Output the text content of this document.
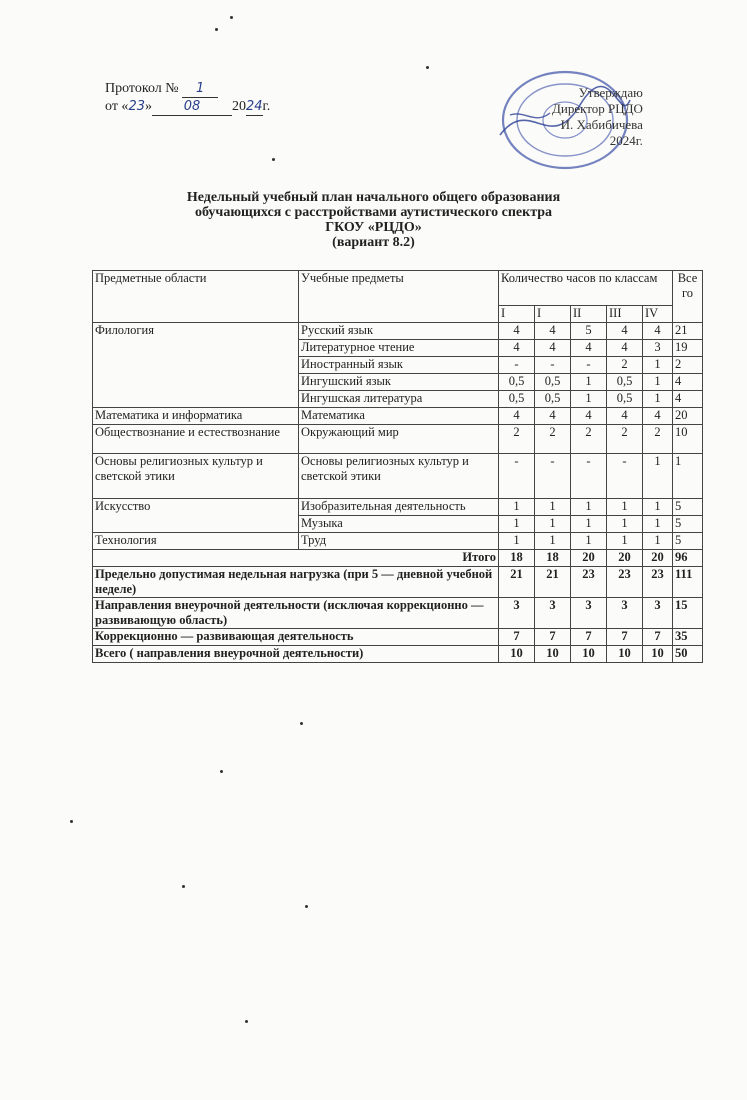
Протокол № 1
от «23» 08 2024г.
Утверждаю
Директор РЦДО
И. Хабибичева
2024г.
Недельный учебный план начального общего образования
обучающихся с расстройствами аутистического спектра
ГКОУ «РЦДО»
(вариант 8.2)
Предметные области	Учебные предметы	Количество часов по классам					Все го
		I	I	II	III	IV	
Филология	Русский язык	4	4	5	4	4	21
	Литературное чтение	4	4	4	4	3	19
	Иностранный язык	-	-	-	2	1	2
	Ингушский язык	0,5	0,5	1	0,5	1	4
	Ингушская литература	0,5	0,5	1	0,5	1	4
Математика и информатика	Математика	4	4	4	4	4	20
Обществознание и естествознание	Окружающий мир	2	2	2	2	2	10
Основы религиозных культур и светской этики	Основы религиозных культур и светской этики	-	-	-	-	1	1
Искусство	Изобразительная деятельность	1	1	1	1	1	5
	Музыка	1	1	1	1	1	5
Технология	Труд	1	1	1	1	1	5
Итого		18	18	20	20	20	96
Предельно допустимая недельная нагрузка (при 5 — дневной учебной неделе)		21	21	23	23	23	111
Направления внеурочной деятельности (исключая коррекционно — развивающую область)		3	3	3	3	3	15
Коррекционно — развивающая деятельность		7	7	7	7	7	35
Всего ( направления внеурочной деятельности)		10	10	10	10	10	50
